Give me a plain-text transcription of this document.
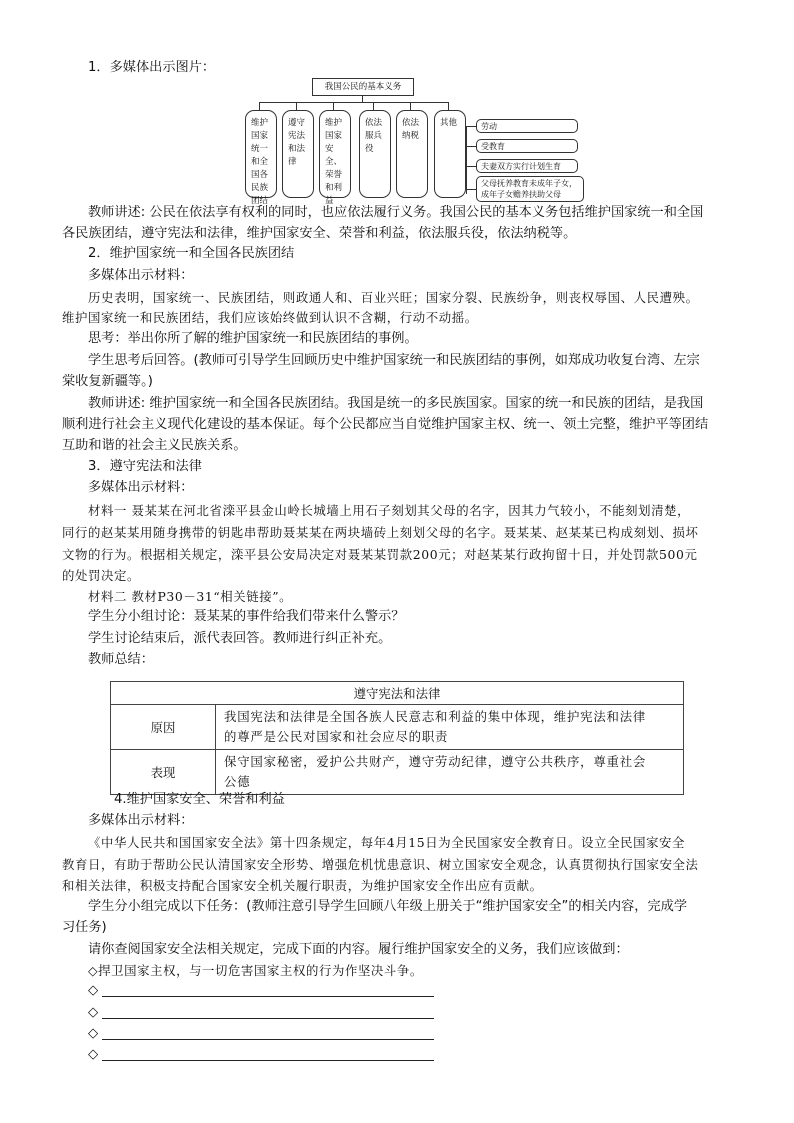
1．多媒体出示图片：
我国公民的基本义务
维护国家统一和全国各民族团结
遵守宪法和法律
维护国家安全、荣誉和利益
依法服兵役
依法纳税
其他	劳动
受教育
夫妻双方实行计划生育
父母抚养教育未成年子女，
成年子女赡养扶助父母
教师讲述: 公民在依法享有权利的同时，也应依法履行义务。我国公民的基本义务包括维护国家统一和全国
各民族团结，遵守宪法和法律，维护国家安全、荣誉和利益，依法服兵役，依法纳税等。
2．维护国家统一和全国各民族团结
多媒体出示材料：
历史表明，国家统一、民族团结，则政通人和、百业兴旺；国家分裂、民族纷争，则丧权辱国、人民遭殃。
维护国家统一和民族团结，我们应该始终做到认识不含糊，行动不动摇。
思考：举出你所了解的维护国家统一和民族团结的事例。
学生思考后回答。(教师可引导学生回顾历史中维护国家统一和民族团结的事例，如郑成功收复台湾、左宗
棠收复新疆等。)
教师讲述: 维护国家统一和全国各民族团结。我国是统一的多民族国家。国家的统一和民族的团结，是我国
顺利进行社会主义现代化建设的基本保证。每个公民都应当自觉维护国家主权、统一、领土完整，维护平等团结
互助和谐的社会主义民族关系。
3．遵守宪法和法律
多媒体出示材料：
材料一 聂某某在河北省滦平县金山岭长城墙上用石子刻划其父母的名字，因其力气较小，不能刻划清楚，
同行的赵某某用随身携带的钥匙串帮助聂某某在两块墙砖上刻划父母的名字。聂某某、赵某某已构成刻划、损坏
文物的行为。根据相关规定，滦平县公安局决定对聂某某罚款200元；对赵某某行政拘留十日，并处罚款500元
的处罚决定。
材料二 教材P30－31“相关链接”。
学生分小组讨论：聂某某的事件给我们带来什么警示？
学生讨论结束后，派代表回答。教师进行纠正补充。
教师总结：
遵守宪法和法律	
原因	我国宪法和法律是全国各族人民意志和利益的集中体现，维护宪法和法律
的尊严是公民对国家和社会应尽的职责

表现	保守国家秘密，爱护公共财产，遵守劳动纪律，遵守公共秩序，尊重社会
公德
4.维护国家安全、荣誉和利益
多媒体出示材料：
《中华人民共和国国家安全法》第十四条规定，每年4月15日为全民国家安全教育日。设立全民国家安全
教育日，有助于帮助公民认清国家安全形势、增强危机忧患意识、树立国家安全观念，认真贯彻执行国家安全法
和相关法律，积极支持配合国家安全机关履行职责，为维护国家安全作出应有贡献。
学生分小组完成以下任务：(教师注意引导学生回顾八年级上册关于“维护国家安全”的相关内容，完成学
习任务)
请你查阅国家安全法相关规定，完成下面的内容。履行维护国家安全的义务，我们应该做到：
◇捍卫国家主权，与一切危害国家主权的行为作坚决斗争。
◇
◇
◇
◇
